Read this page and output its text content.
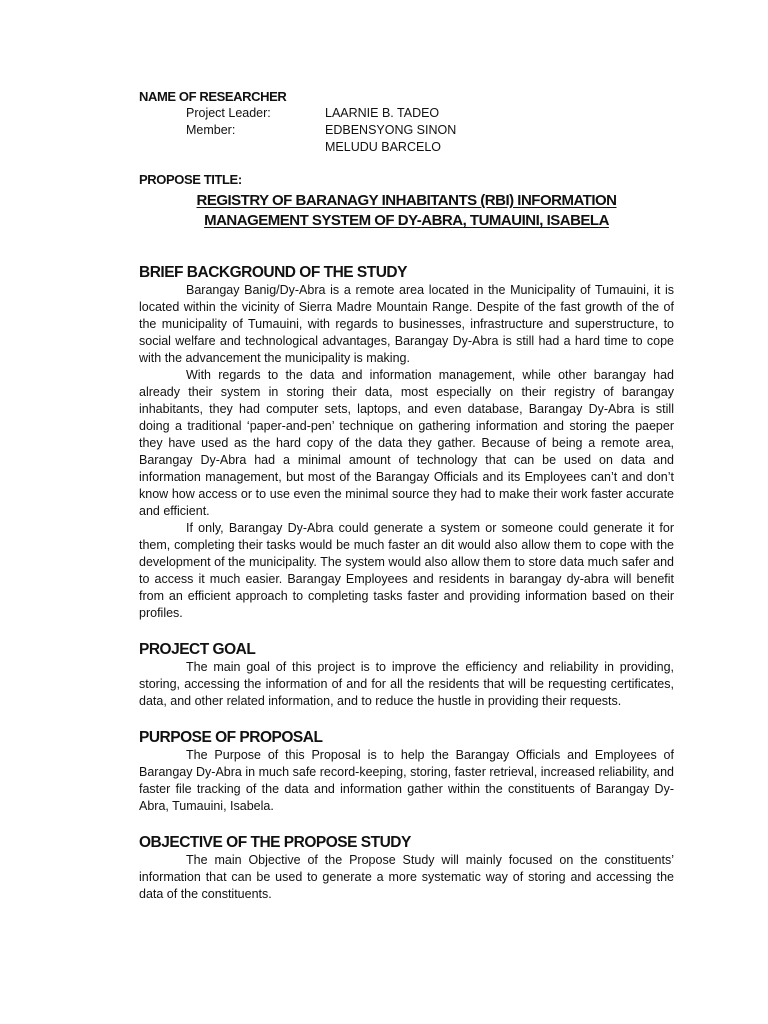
NAME OF RESEARCHER

Project Leader:	LAARNIE B. TADEO
Member:	EDBENSYONG SINON
MELUDU BARCELO

PROPOSE TITLE:

REGISTRY OF BARANAGY INHABITANTS (RBI) INFORMATION
MANAGEMENT SYSTEM OF DY-ABRA, TUMAUINI, ISABELA

BRIEF BACKGROUND OF THE STUDY

Barangay Banig/Dy-Abra is a remote area located in the Municipality of Tumauini, it is located within the vicinity of Sierra Madre Mountain Range. Despite of the fast growth of the of the municipality of Tumauini, with regards to businesses, infrastructure and superstructure, to social welfare and technological advantages, Barangay Dy-Abra is still had a hard time to cope with the advancement the municipality is making.

With regards to the data and information management, while other barangay had already their system in storing their data, most especially on their registry of barangay inhabitants, they had computer sets, laptops, and even database, Barangay Dy-Abra is still doing a traditional ‘paper-and-pen’ technique on gathering information and storing the paeper they have used as the hard copy of the data they gather. Because of being a remote area, Barangay Dy-Abra had a minimal amount of technology that can be used on data and information management, but most of the Barangay Officials and its Employees can’t and don’t know how access or to use even the minimal source they had to make their work faster accurate and efficient.

If only, Barangay Dy-Abra could generate a system or someone could generate it for them, completing their tasks would be much faster an dit would also allow them to cope with the development of the municipality. The system would also allow them to store data much safer and to access it much easier. Barangay Employees and residents in barangay dy-abra will benefit from an efficient approach to completing tasks faster and providing information based on their profiles.

PROJECT GOAL

The main goal of this project is to improve the efficiency and reliability in providing, storing, accessing the information of and for all the residents that will be requesting certificates, data, and other related information, and to reduce the hustle in providing their requests.

PURPOSE OF PROPOSAL

The Purpose of this Proposal is to help the Barangay Officials and Employees of Barangay Dy-Abra in much safe record-keeping, storing, faster retrieval, increased reliability, and faster file tracking of the data and information gather within the constituents of Barangay Dy-Abra, Tumauini, Isabela.

OBJECTIVE OF THE PROPOSE STUDY

The main Objective of the Propose Study will mainly focused on the constituents’ information that can be used to generate a more systematic way of storing and accessing the data of the constituents.
